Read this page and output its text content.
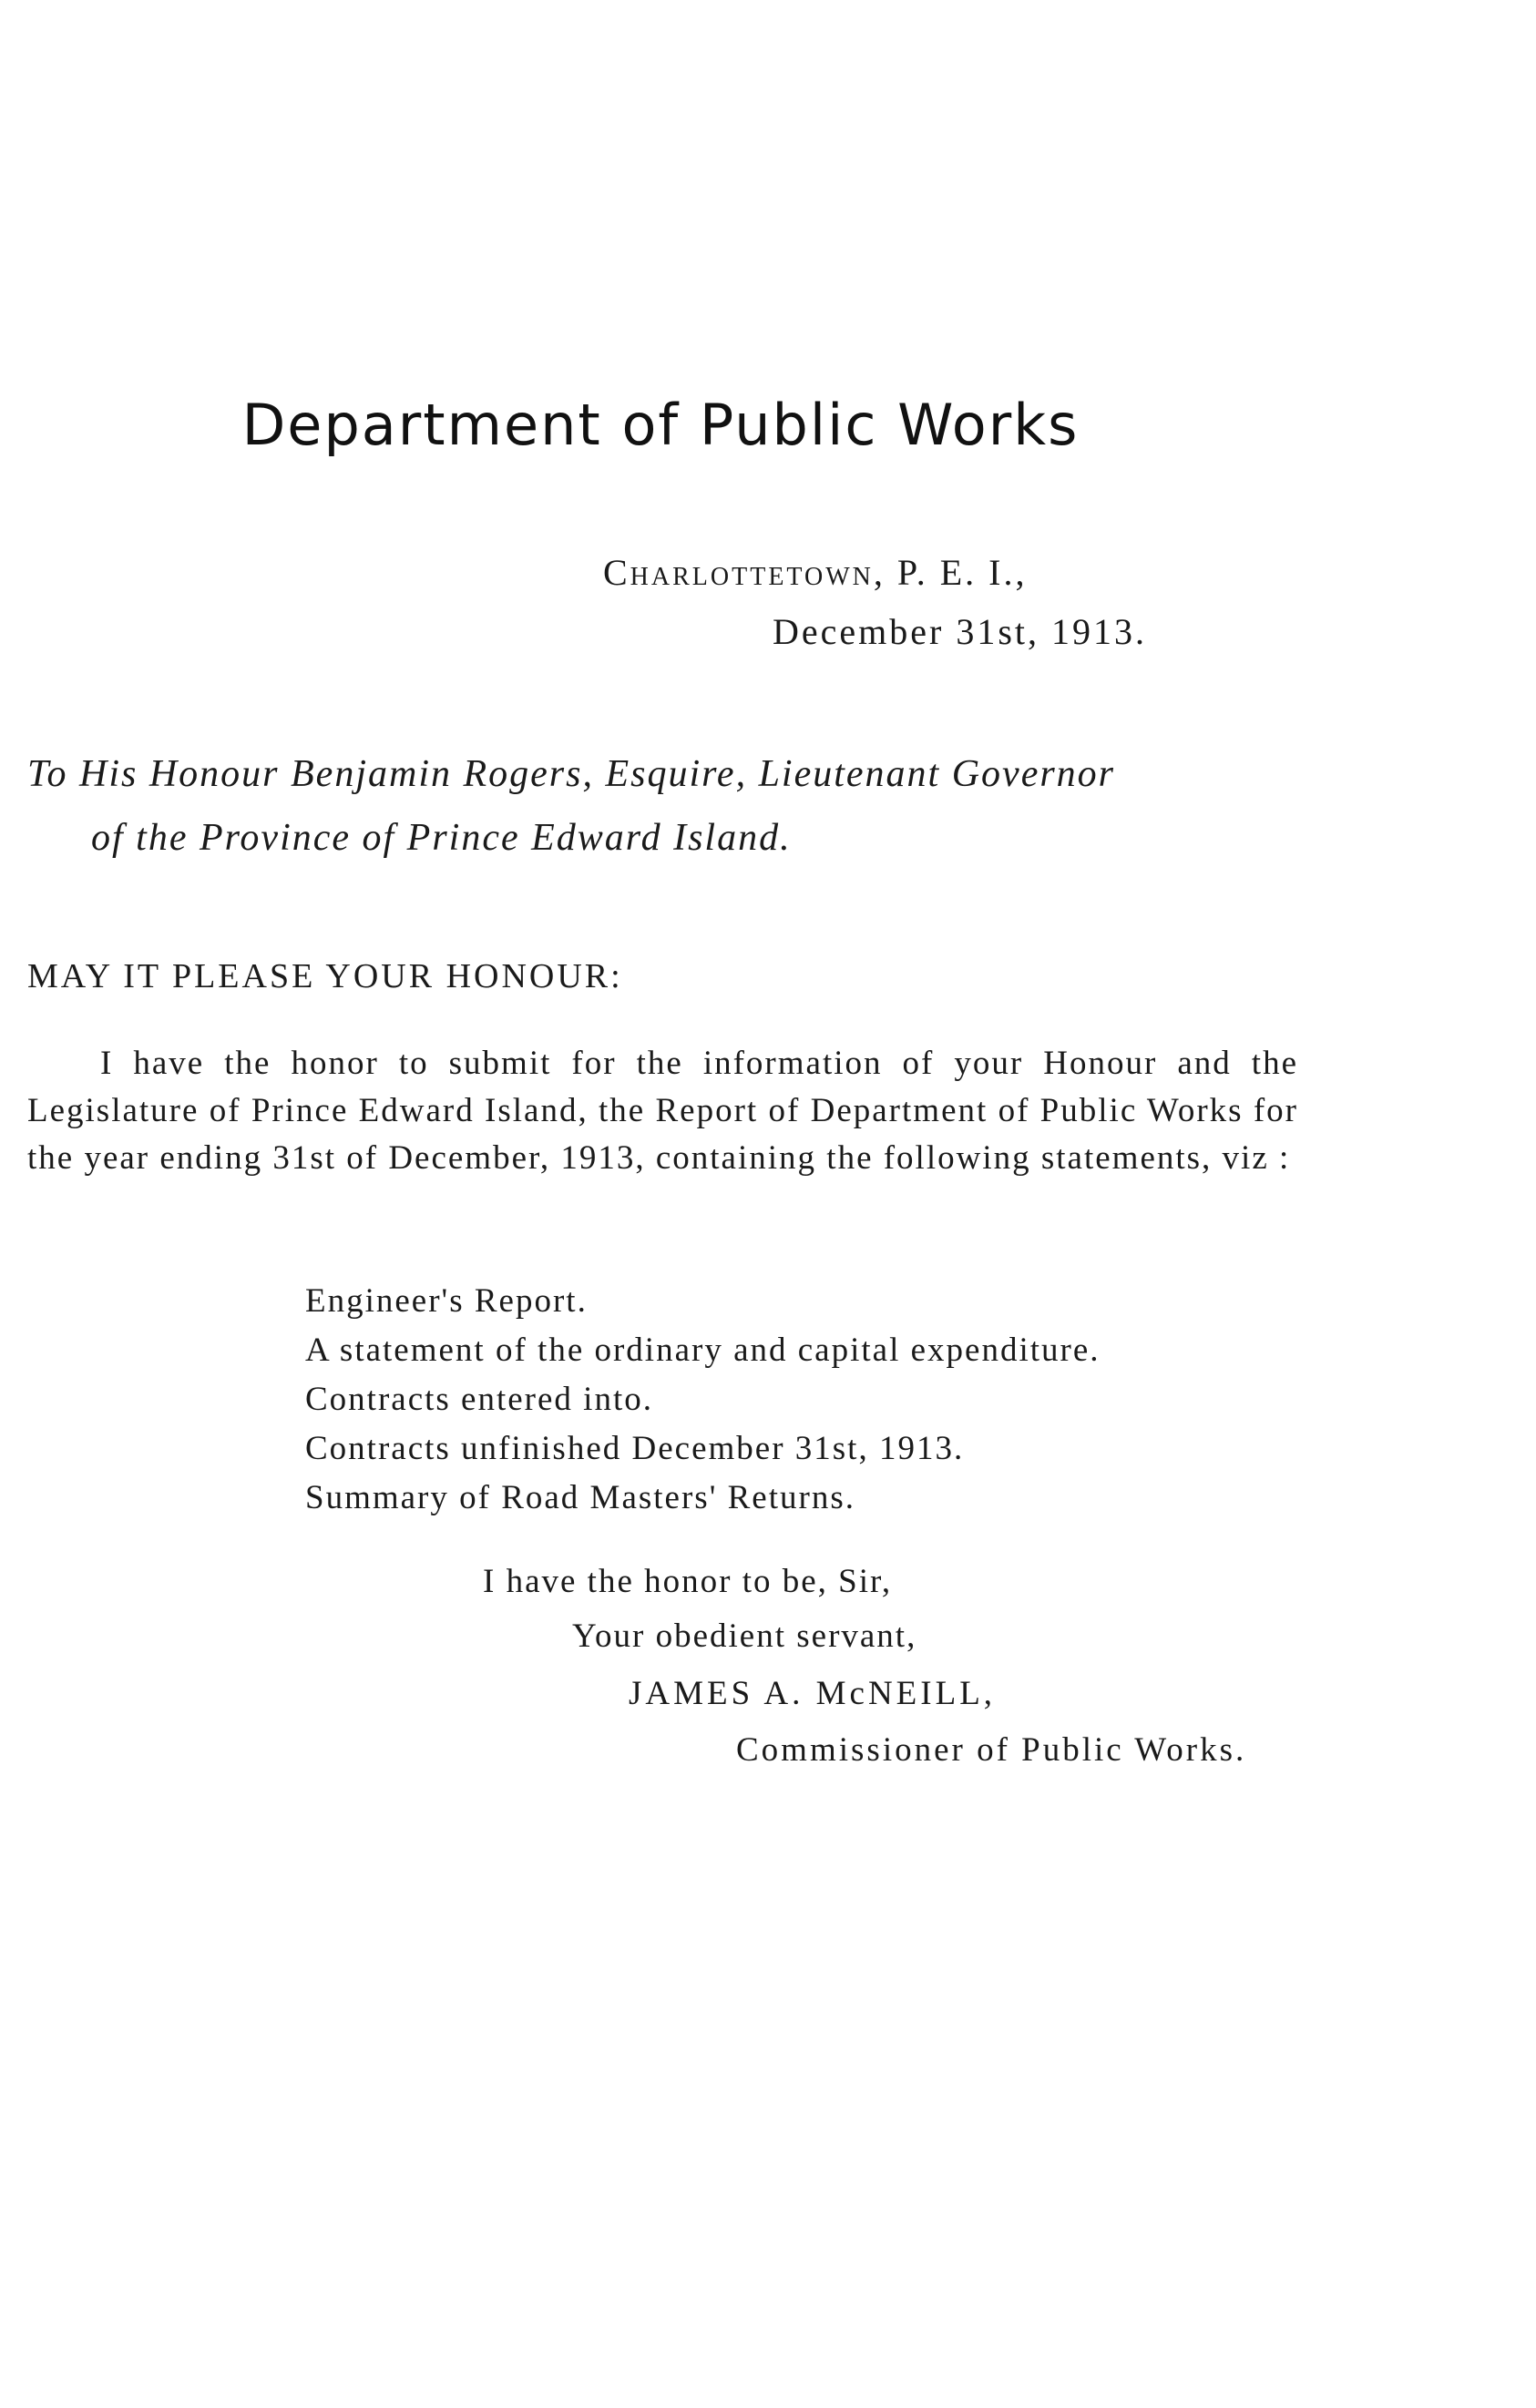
Department of Public Works
Charlottetown, P. E. I.,
December 31st, 1913.
To His Honour Benjamin Rogers, Esquire, Lieutenant Governor
of the Province of Prince Edward Island.
MAY IT PLEASE YOUR HONOUR:

I have the honor to submit for the information of your Honour and the Legislature of Prince Edward Island, the Report of Department of Public Works for the year ending 31st of December, 1913, containing the following statements, viz :

Engineer's Report.
A statement of the ordinary and capital expenditure.
Contracts entered into.
Contracts unfinished December 31st, 1913.
Summary of Road Masters' Returns.
I have the honor to be, Sir,
Your obedient servant,
JAMES A. McNEILL,
Commissioner of Public Works.
